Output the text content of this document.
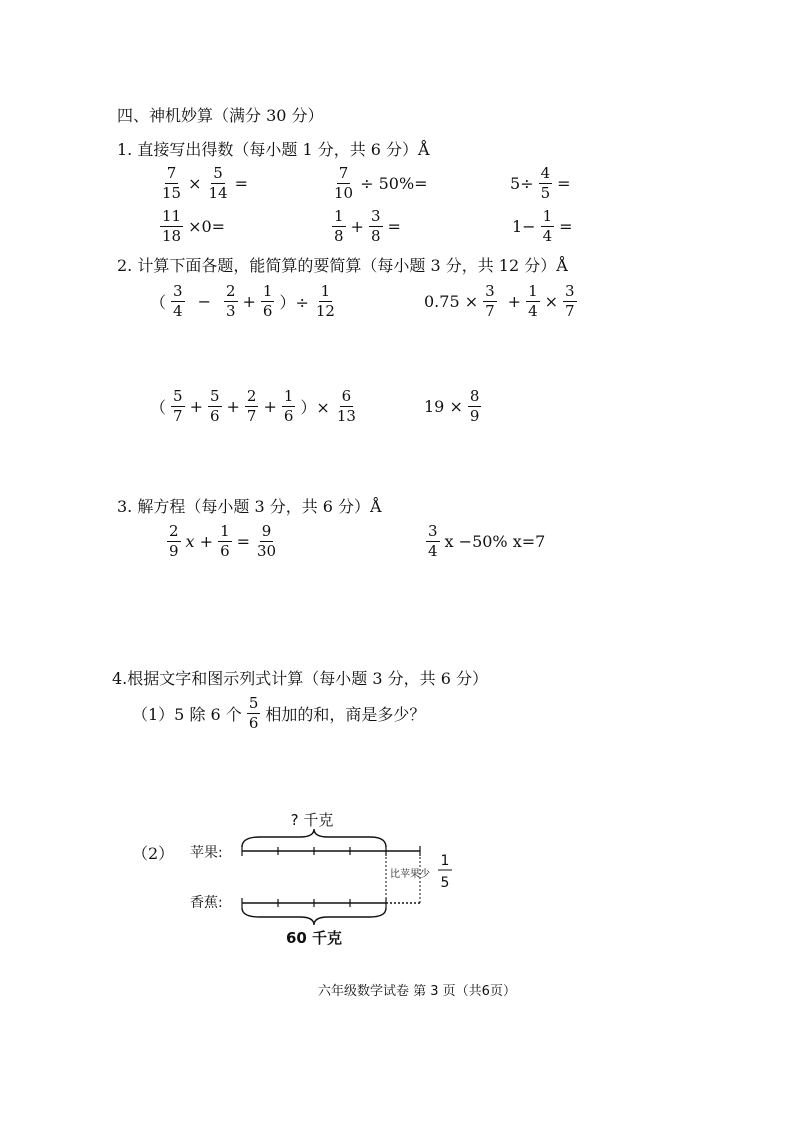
四、神机妙算（满分 30 分）
1. 直接写出得数（每小题 1 分，共 6 分）Å
$\frac{7}{15} \times \frac{5}{14}$ =	$\frac{7}{10} \div 50\%=$	$5\div \frac{4}{5}$ =
$\frac{11}{18} \times 0=$	$\frac{1}{8} + \frac{3}{8}$ =	$1- \frac{1}{4}$ =
2. 计算下面各题，能简算的要简算（每小题 3 分，共 12 分）Å
（ $\frac{3}{4} - \frac{2}{3} + \frac{1}{6}$ ）÷ $\frac{1}{12}$	$0.75 \times \frac{3}{7} + \frac{1}{4} \times \frac{3}{7}$
（ $\frac{5}{7} + \frac{5}{6} + \frac{2}{7} + \frac{1}{6}$ ）× $\frac{6}{13}$	$19 \times \frac{8}{9}$
3. 解方程（每小题 3 分，共 6 分）Å
$\frac{2}{9}$ $x + \frac{1}{6} = \frac{9}{30}$	$\frac{3}{4}$ x −50% x=7
4.根据文字和图示列式计算（每小题 3 分，共 6 分）
（1）5 除 6 个 $\frac{5}{6}$ 相加的和，商是多少？
（2）
? 千克
苹果:
比苹果少
1
5
香蕉:
60 千克
六年级数学试卷 第 3 页（共6页）
